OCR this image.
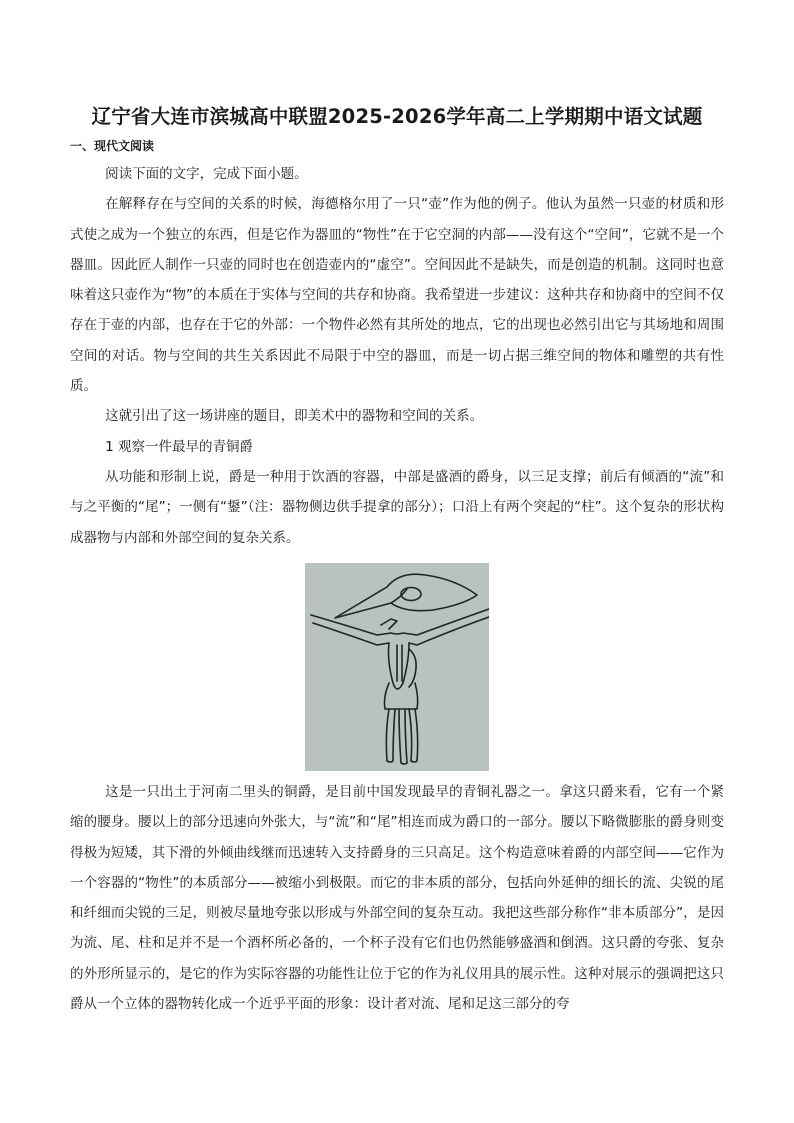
辽宁省大连市滨城高中联盟2025-2026学年高二上学期期中语文试题
一、现代文阅读

阅读下面的文字，完成下面小题。

在解释存在与空间的关系的时候，海德格尔用了一只“壶”作为他的例子。他认为虽然一只壶的材质和形式使之成为一个独立的东西，但是它作为器皿的“物性”在于它空洞的内部——没有这个“空间”，它就不是一个器皿。因此匠人制作一只壶的同时也在创造壶内的“虚空”。空间因此不是缺失，而是创造的机制。这同时也意味着这只壶作为“物”的本质在于实体与空间的共存和协商。我希望进一步建议：这种共存和协商中的空间不仅存在于壶的内部，也存在于它的外部：一个物件必然有其所处的地点，它的出现也必然引出它与其场地和周围空间的对话。物与空间的共生关系因此不局限于中空的器皿，而是一切占据三维空间的物体和雕塑的共有性质。

这就引出了这一场讲座的题目，即美术中的器物和空间的关系。

1 观察一件最早的青铜爵

从功能和形制上说，爵是一种用于饮酒的容器，中部是盛酒的爵身，以三足支撑；前后有倾酒的“流”和与之平衡的“尾”；一侧有“鋬”（注：器物侧边供手提拿的部分）；口沿上有两个突起的“柱”。这个复杂的形状构成器物与内部和外部空间的复杂关系。

这是一只出土于河南二里头的铜爵，是目前中国发现最早的青铜礼器之一。拿这只爵来看，它有一个紧缩的腰身。腰以上的部分迅速向外张大，与“流”和“尾”相连而成为爵口的一部分。腰以下略微膨胀的爵身则变得极为短矮，其下滑的外倾曲线继而迅速转入支持爵身的三只高足。这个构造意味着爵的内部空间——它作为一个容器的“物性”的本质部分——被缩小到极限。而它的非本质的部分，包括向外延伸的细长的流、尖锐的尾和纤细而尖锐的三足，则被尽量地夸张以形成与外部空间的复杂互动。我把这些部分称作“非本质部分”，是因为流、尾、柱和足并不是一个酒杯所必备的，一个杯子没有它们也仍然能够盛酒和倒酒。这只爵的夸张、复杂的外形所显示的，是它的作为实际容器的功能性让位于它的作为礼仪用具的展示性。这种对展示的强调把这只爵从一个立体的器物转化成一个近乎平面的形象：设计者对流、尾和足这三部分的夸
